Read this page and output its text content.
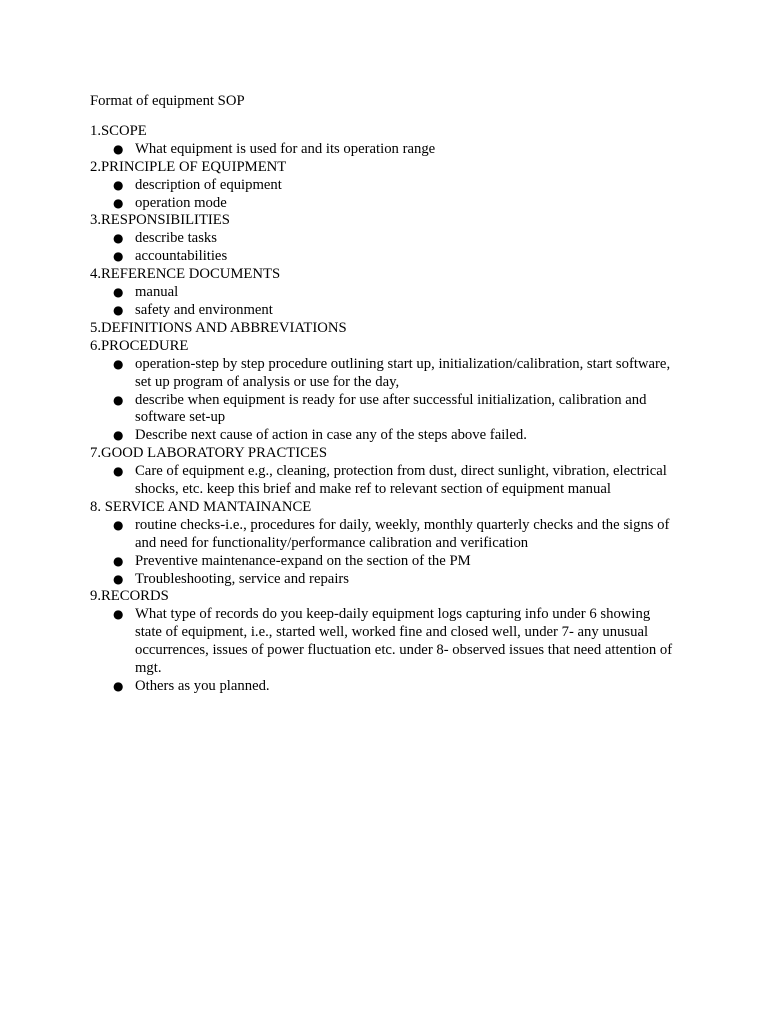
Format of equipment SOP

1.SCOPE

● What equipment is used for and its operation range

2.PRINCIPLE OF EQUIPMENT

● description of equipment
● operation mode

3.RESPONSIBILITIES

● describe tasks
● accountabilities

4.REFERENCE DOCUMENTS

● manual
● safety and environment

5.DEFINITIONS AND ABBREVIATIONS

6.PROCEDURE

● operation-step by step procedure outlining start up, initialization/calibration, start software, set up program of analysis or use for the day,
● describe when equipment is ready for use after successful initialization, calibration and software set-up
● Describe next cause of action in case any of the steps above failed.

7.GOOD LABORATORY PRACTICES

● Care of equipment e.g., cleaning, protection from dust, direct sunlight, vibration, electrical shocks, etc. keep this brief and make ref to relevant section of equipment manual

8. SERVICE AND MANTAINANCE

● routine checks-i.e., procedures for daily, weekly, monthly quarterly checks and the signs of and need for functionality/performance calibration and verification
● Preventive maintenance-expand on the section of the PM
● Troubleshooting, service and repairs

9.RECORDS

● What type of records do you keep-daily equipment logs capturing info under 6 showing state of equipment, i.e., started well, worked fine and closed well, under 7- any unusual occurrences, issues of power fluctuation etc. under 8- observed issues that need attention of mgt.
● Others as you planned.
